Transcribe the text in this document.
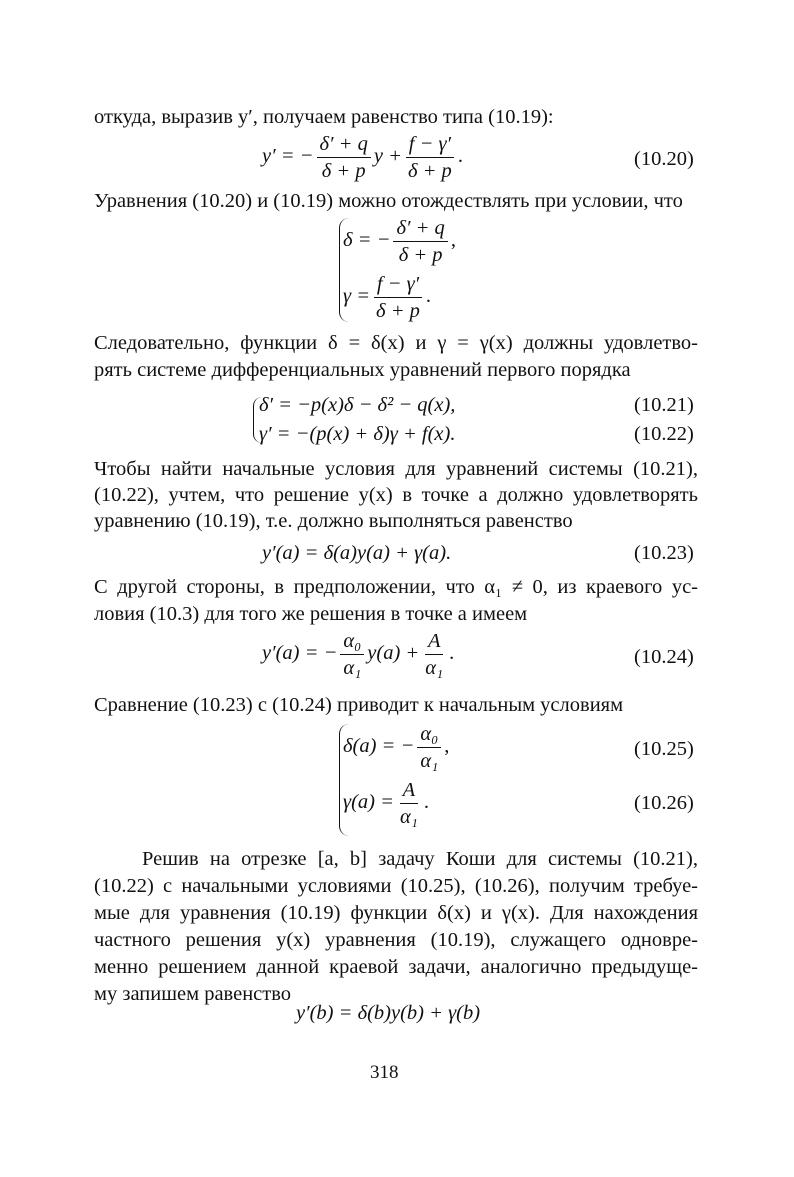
откуда, выразив y′, получаем равенство типа (10.19):
y′ = − $\frac{\delta' + q}{\delta + p}$ $y + \frac{f - \gamma'}{\delta + p}$ .	(10.20)
Уравнения (10.20) и (10.19) можно отождествлять при условии, что
δ = − $\frac{\delta' + q}{\delta + p}$ ,
$\gamma = \frac{f - \gamma'}{\delta + p}$ .
Следовательно, функции δ = δ(x) и γ = γ(x) должны удовлетво-
рять системе дифференциальных уравнений первого порядка
δ′ = −p(x)δ − δ² − q(x),	(10.21)
γ′ = −(p(x) + δ)γ + f(x).	(10.22)
Чтобы найти начальные условия для уравнений системы (10.21),
(10.22), учтем, что решение y(x) в точке a должно удовлетворять
уравнению (10.19), т.е. должно выполняться равенство
y′(a) = δ(a)y(a) + γ(a).	(10.23)
С другой стороны, в предположении, что α₁ ≠ 0, из краевого ус-
ловия (10.3) для того же решения в точке a имеем
y′(a) = − $\frac{\text{α₀}}{\text{α₁}} y(a) + \frac{A}{\text{α₁}}$ .	(10.24)
Сравнение (10.23) с (10.24) приводит к начальным условиям
δ(a) = − $\frac{\text{α₀}}{\text{α₁}}$ ,	(10.25)
$\gamma(a) = \frac{A}{\text{α₁}}$ .	(10.26)
Решив на отрезке [a, b] задачу Коши для системы (10.21),
(10.22) с начальными условиями (10.25), (10.26), получим требуе-
мые для уравнения (10.19) функции δ(x) и γ(x). Для нахождения
частного решения y(x) уравнения (10.19), служащего одновре-
менно решением данной краевой задачи, аналогично предыдуще-
му запишем равенство
y′(b) = δ(b)y(b) + γ(b)
318
